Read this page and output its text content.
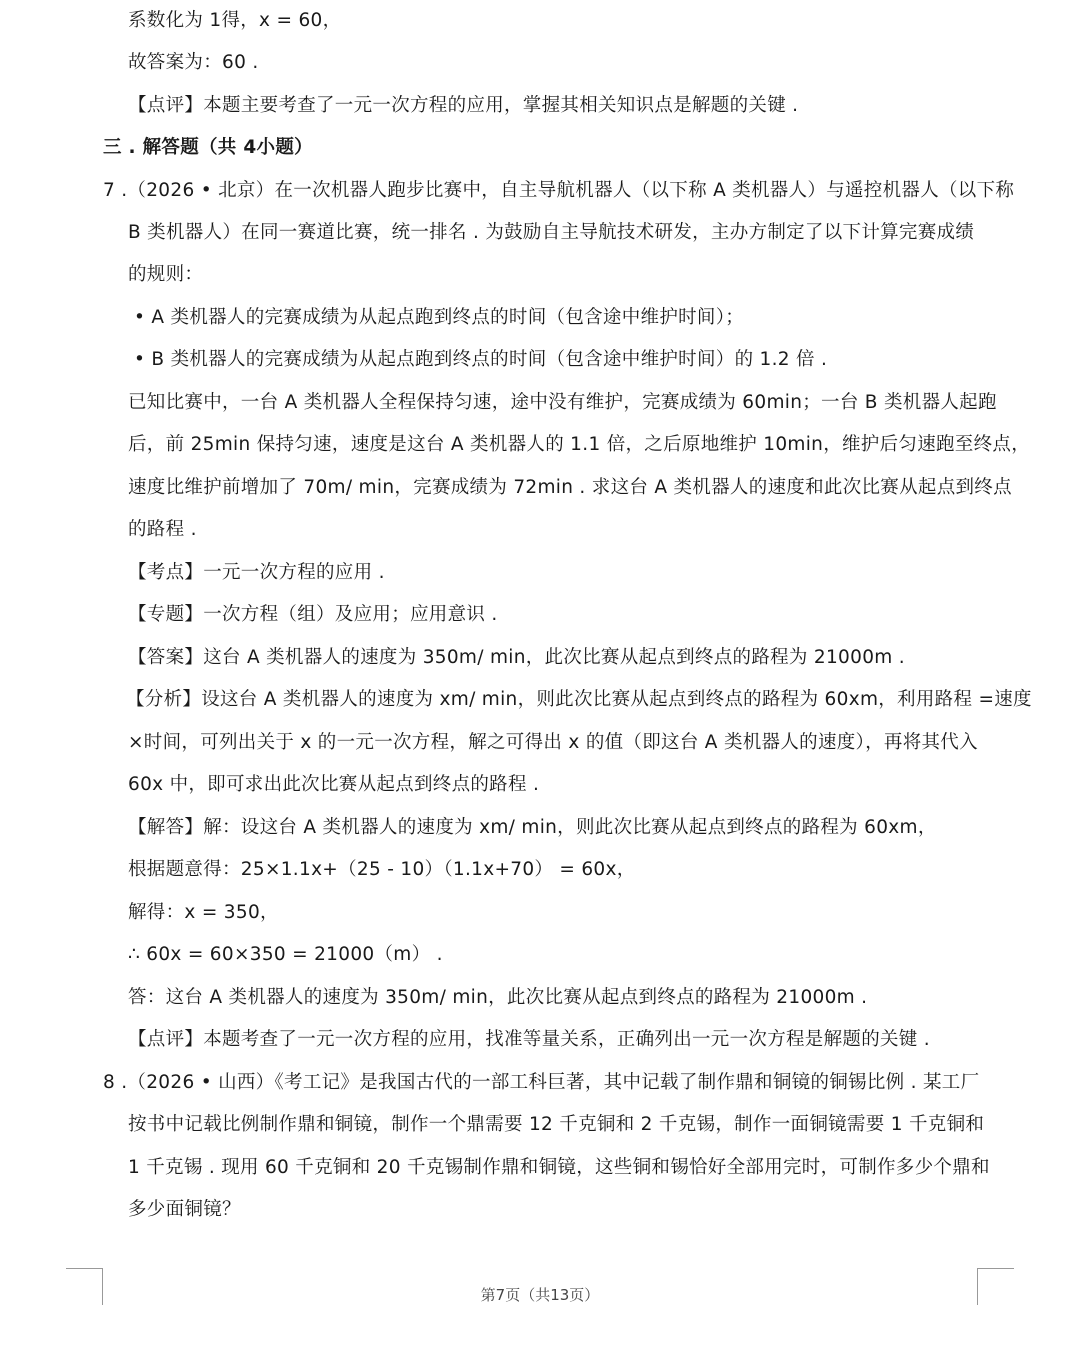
系数化为 1得，x = 60，
故答案为：60 .
【点评】本题主要考查了一元一次方程的应用，掌握其相关知识点是解题的关键 .
三 . 解答题（共 4小题）
7 .（2026 • 北京）在一次机器人跑步比赛中，自主导航机器人（以下称 A 类机器人）与遥控机器人（以下称
B 类机器人）在同一赛道比赛，统一排名 . 为鼓励自主导航技术研发，主办方制定了以下计算完赛成绩
的规则：
• A 类机器人的完赛成绩为从起点跑到终点的时间（包含途中维护时间）；
• B 类机器人的完赛成绩为从起点跑到终点的时间（包含途中维护时间）的 1.2 倍 .
已知比赛中，一台 A 类机器人全程保持匀速，途中没有维护，完赛成绩为 60min；一台 B 类机器人起跑
后，前 25min 保持匀速，速度是这台 A 类机器人的 1.1 倍，之后原地维护 10min，维护后匀速跑至终点，
速度比维护前增加了 70m/ min，完赛成绩为 72min . 求这台 A 类机器人的速度和此次比赛从起点到终点
的路程 .
【考点】一元一次方程的应用 .
【专题】一次方程（组）及应用；应用意识 .
【答案】这台 A 类机器人的速度为 350m/ min，此次比赛从起点到终点的路程为 21000m .
【分析】设这台 A 类机器人的速度为 xm/ min，则此次比赛从起点到终点的路程为 60xm，利用路程 =速度
×时间，可列出关于 x 的一元一次方程，解之可得出 x 的值（即这台 A 类机器人的速度），再将其代入
60x 中，即可求出此次比赛从起点到终点的路程 .
【解答】解：设这台 A 类机器人的速度为 xm/ min，则此次比赛从起点到终点的路程为 60xm，
根据题意得：25×1.1x+（25 - 10）（1.1x+70） = 60x，
解得：x = 350，
∴ 60x = 60×350 = 21000（m） .
答：这台 A 类机器人的速度为 350m/ min，此次比赛从起点到终点的路程为 21000m .
【点评】本题考查了一元一次方程的应用，找准等量关系，正确列出一元一次方程是解题的关键 .
8 .（2026 • 山西）《考工记》是我国古代的一部工科巨著，其中记载了制作鼎和铜镜的铜锡比例 . 某工厂
按书中记载比例制作鼎和铜镜，制作一个鼎需要 12 千克铜和 2 千克锡，制作一面铜镜需要 1 千克铜和
1 千克锡 . 现用 60 千克铜和 20 千克锡制作鼎和铜镜，这些铜和锡恰好全部用完时，可制作多少个鼎和
多少面铜镜？
第7页（共13页）
